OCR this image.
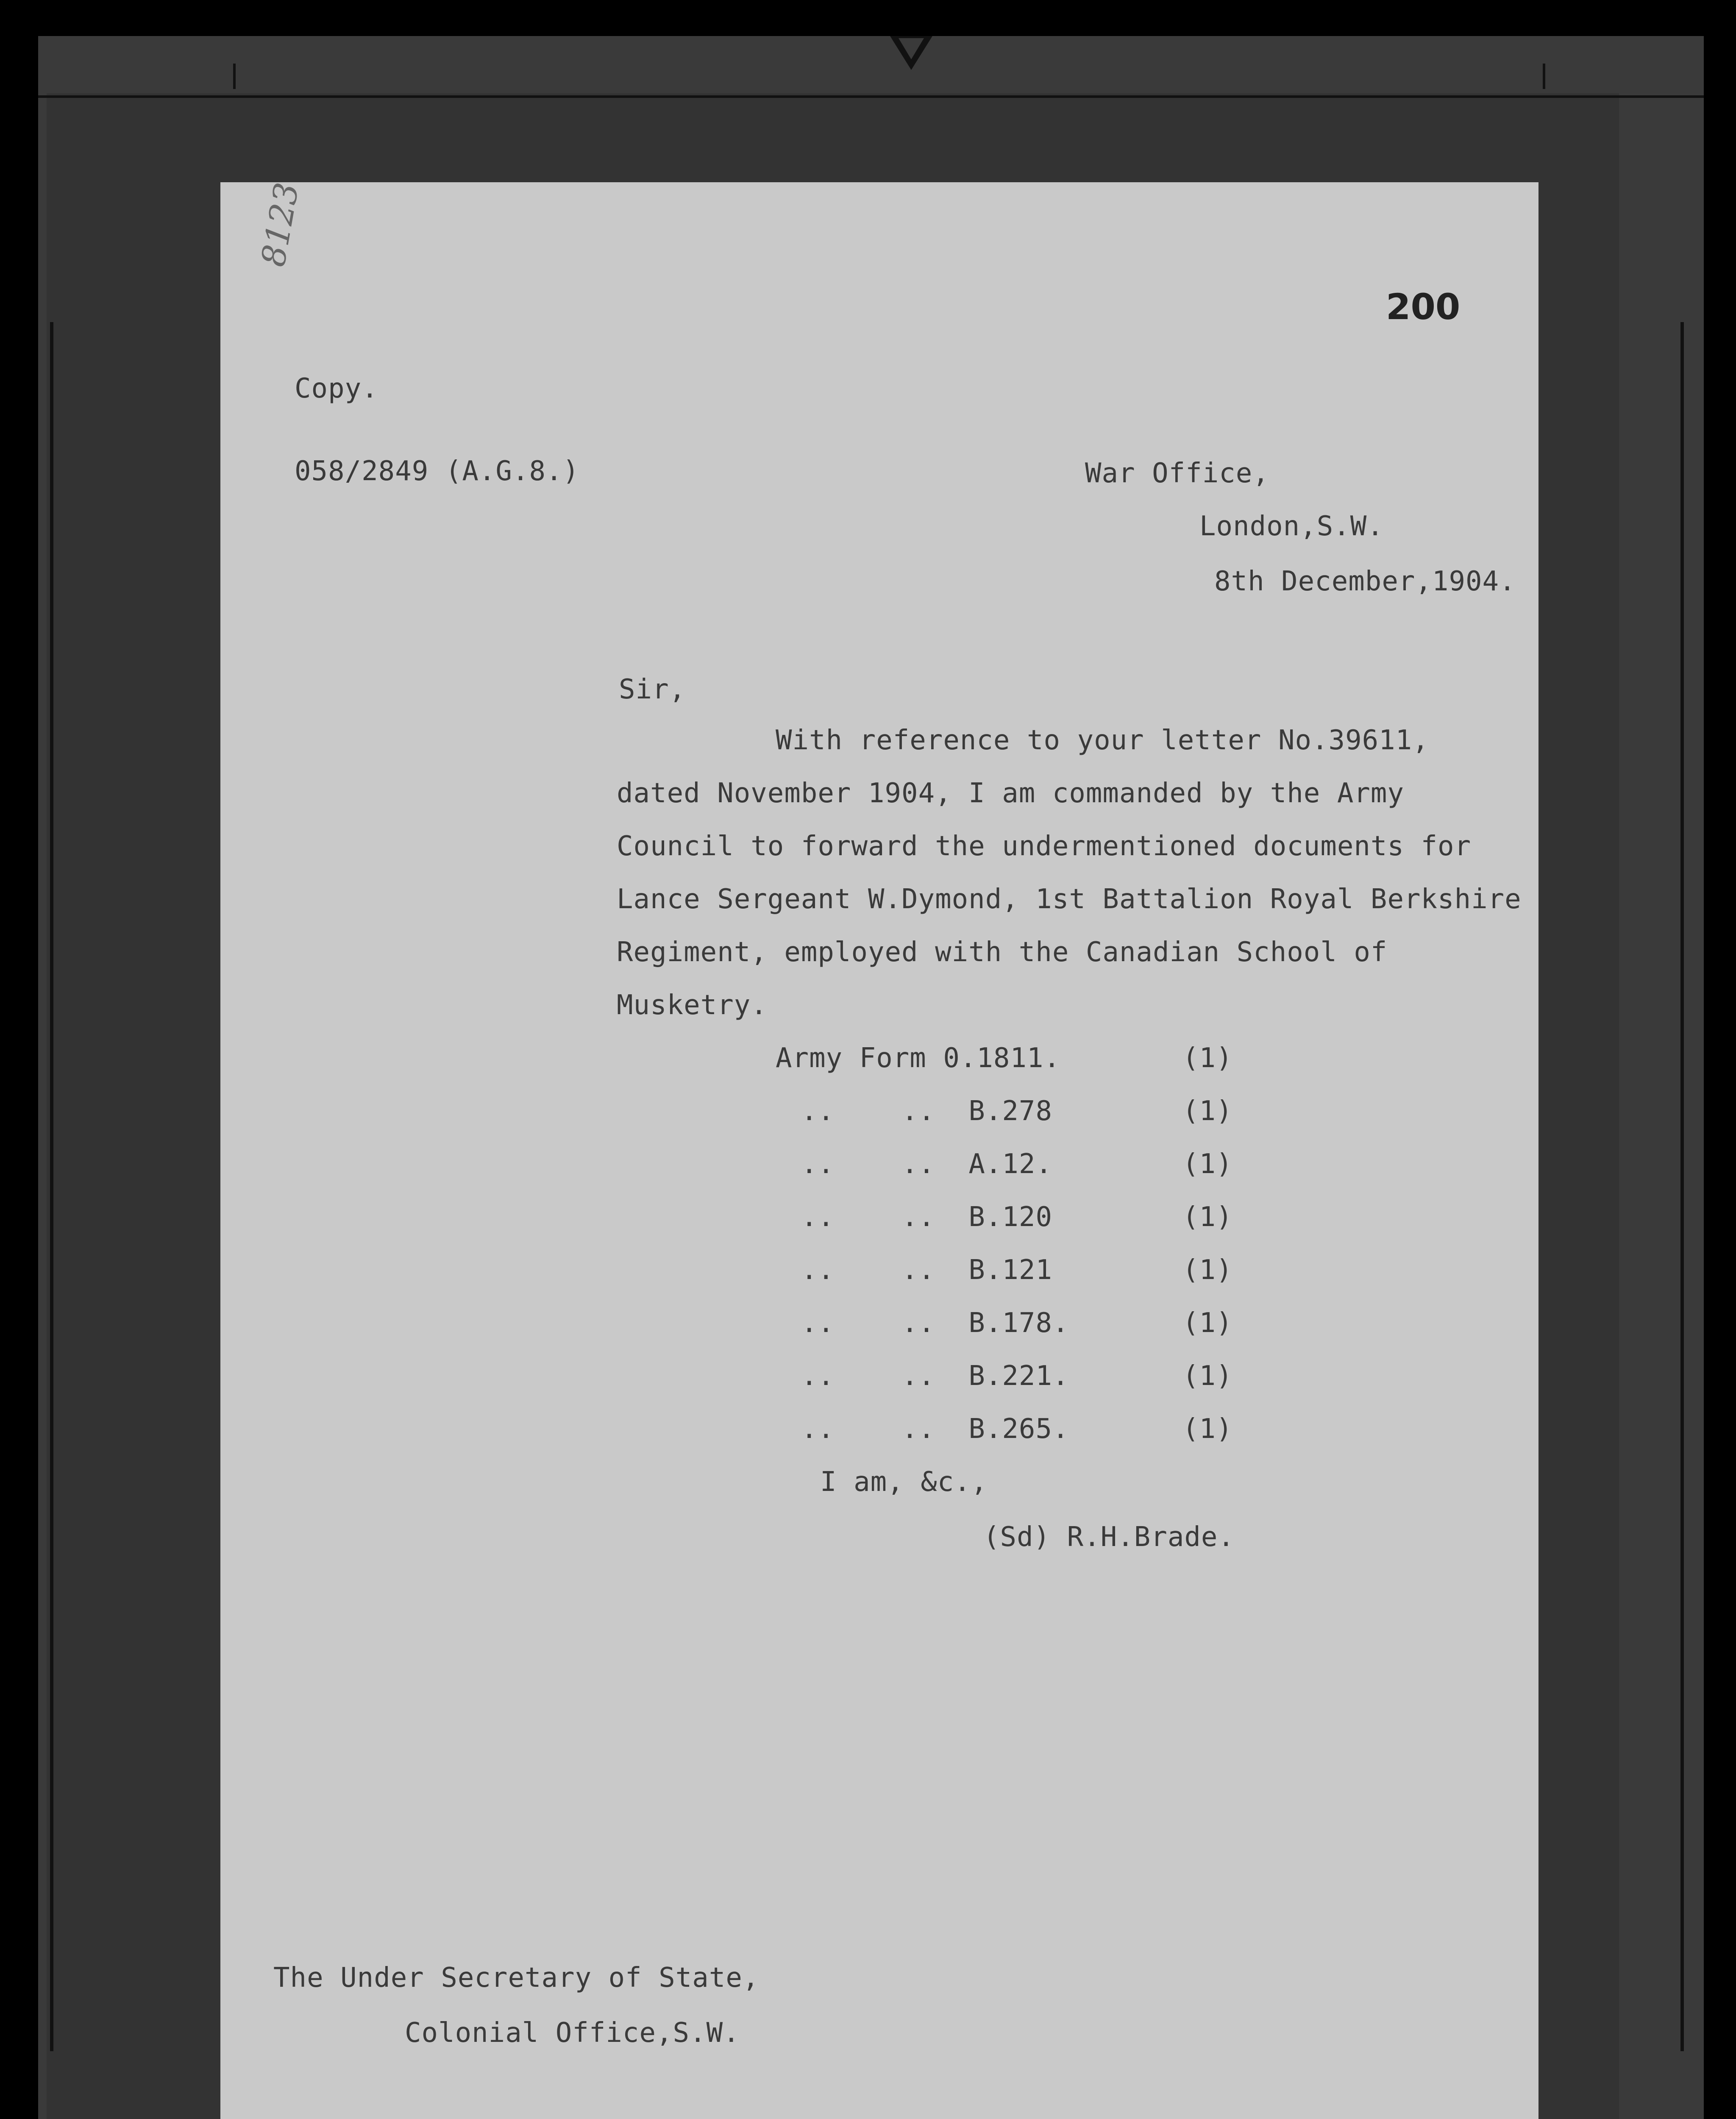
8123
200
Copy.
058/2849 (A.G.8.)	War Office,
London,S.W.
8th December,1904.
Sir,
With reference to your letter No.39611,
dated November 1904, I am commanded by the Army
Council to forward the undermentioned documents for
Lance Sergeant W.Dymond, 1st Battalion Royal Berkshire
Regiment, employed with the Canadian School of
Musketry.
Army Form 0.1811.	(1)
..    ..  B.278	(1)
..    ..  A.12.	(1)
..    ..  B.120	(1)
..    ..  B.121	(1)
..    ..  B.178.	(1)
..    ..  B.221.	(1)
..    ..  B.265.	(1)
I am, &c.,
(Sd) R.H.Brade.
The Under Secretary of State,
Colonial Office,S.W.
